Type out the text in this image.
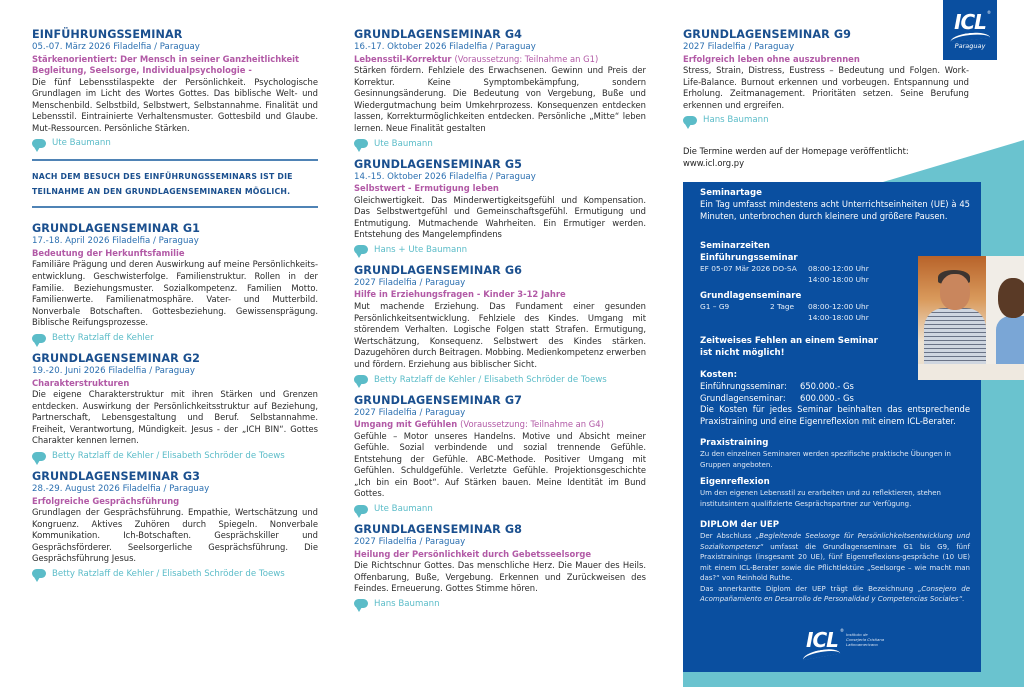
EINFÜHRUNGSSEMINAR
05.-07. März 2026 Filadelfia / Paraguay
Stärkenorientiert: Der Mensch in seiner Ganzheitlichkeit
Begleitung, Seelsorge, Individualpsychologie -
Die fünf Lebensstilaspekte der Persönlichkeit. Psychologische Grundlagen im Licht des Wortes Gottes. Das biblische Welt- und Menschenbild. Selbstbild, Selbstwert, Selbstannahme. Finalität und Lebensstil. Eintrainierte Verhaltensmuster. Gottesbild und Glaube. Mut-Ressourcen. Persönliche Stärken.
Ute Baumann
NACH DEM BESUCH DES EINFÜHRUNGSSEMINARS IST DIE TEILNAHME AN DEN GRUNDLAGENSEMINAREN MÖGLICH.
GRUNDLAGENSEMINAR G1
17.-18. April 2026 Filadelfia / Paraguay
Bedeutung der Herkunftsfamilie
Familiäre Prägung und deren Auswirkung auf meine Persönlichkeits-entwicklung. Geschwisterfolge. Familienstruktur. Rollen in der Familie. Beziehungsmuster. Sozialkompetenz. Familien Motto. Familienwerte. Familienatmosphäre. Vater- und Mutterbild. Nonverbale Botschaften. Gottesbeziehung. Gewissensprägung. Biblische Reifungsprozesse.
Betty Ratzlaff de Kehler
GRUNDLAGENSEMINAR G2
19.-20. Juni 2026 Filadelfia / Paraguay
Charakterstrukturen
Die eigene Charakterstruktur mit ihren Stärken und Grenzen entdecken. Auswirkung der Persönlichkeitsstruktur auf Beziehung, Partnerschaft, Lebensgestaltung und Beruf. Selbstannahme. Freiheit, Verantwortung, Mündigkeit. Jesus - der „ICH BIN“. Gottes Charakter kennen lernen.
Betty Ratzlaff de Kehler / Elisabeth Schröder de Toews
GRUNDLAGENSEMINAR G3
28.-29. August 2026 Filadelfia / Paraguay
Erfolgreiche Gesprächsführung
Grundlagen der Gesprächsführung. Empathie, Wertschätzung und Kongruenz. Aktives Zuhören durch Spiegeln. Nonverbale Kommunikation. Ich-Botschaften. Gesprächskiller und Gesprächsförderer. Seelsorgerliche Gesprächsführung. Die Gesprächsführung Jesus.
Betty Ratzlaff de Kehler / Elisabeth Schröder de Toews
GRUNDLAGENSEMINAR G4
16.-17. Oktober 2026 Filadelfia / Paraguay
Lebensstil-Korrektur (Voraussetzung: Teilnahme an G1)
Stärken fördern. Fehlziele des Erwachsenen. Gewinn und Preis der Korrektur. Keine Symptombekämpfung, sondern Gesinnungsänderung. Die Bedeutung von Vergebung, Buße und Wiedergutmachung beim Umkehrprozess. Konsequenzen entdecken lassen, Korrekturmöglichkeiten entdecken. Persönliche „Mitte“ leben lernen. Neue Finalität gestalten
Ute Baumann
GRUNDLAGENSEMINAR G5
14.-15. Oktober 2026 Filadelfia / Paraguay
Selbstwert - Ermutigung leben
Gleichwertigkeit. Das Minderwertigkeitsgefühl und Kompensation. Das Selbstwertgefühl und Gemeinschaftsgefühl. Ermutigung und Entmutigung. Mutmachende Wahrheiten. Ein Ermutiger werden. Entstehung des Mangelempfindens
Hans + Ute Baumann
GRUNDLAGENSEMINAR G6
2027 Filadelfia / Paraguay
Hilfe in Erziehungsfragen - Kinder 3-12 Jahre
Mut machende Erziehung. Das Fundament einer gesunden Persönlichkeitsentwicklung. Fehlziele des Kindes. Umgang mit störendem Verhalten. Logische Folgen statt Strafen. Ermutigung, Wertschätzung, Konsequenz. Selbstwert des Kindes stärken. Dazugehören durch Beitragen. Mobbing. Medienkompetenz erwerben und fördern. Erziehung aus biblischer Sicht.
Betty Ratzlaff de Kehler / Elisabeth Schröder de Toews
GRUNDLAGENSEMINAR G7
2027 Filadelfia / Paraguay
Umgang mit Gefühlen (Voraussetzung: Teilnahme an G4)
Gefühle – Motor unseres Handelns. Motive und Absicht meiner Gefühle. Sozial verbindende und sozial trennende Gefühle. Entstehung der Gefühle. ABC-Methode. Positiver Umgang mit Gefühlen. Schuldgefühle. Verletzte Gefühle. Projektionsgeschichte „Ich bin ein Boot“. Auf Stärken bauen. Meine Identität im Bund Gottes.
Ute Baumann
GRUNDLAGENSEMINAR G8
2027 Filadelfia / Paraguay
Heilung der Persönlichkeit durch Gebetsseelsorge
Die Richtschnur Gottes. Das menschliche Herz. Die Mauer des Heils. Offenbarung, Buße, Vergebung. Erkennen und Zurückweisen des Feindes. Erneuerung. Gottes Stimme hören.
Hans Baumann
ICL ®
Paraguay
GRUNDLAGENSEMINAR G9
2027 Filadelfia / Paraguay
Erfolgreich leben ohne auszubrennen
Stress, Strain, Distress, Eustress – Bedeutung und Folgen. Work-Life-Balance. Burnout erkennen und vorbeugen. Entspannung und Erholung. Zeitmanagement. Prioritäten setzen. Seine Berufung erkennen und ergreifen.
Hans Baumann
Die Termine werden auf der Homepage veröffentlicht:
www.icl.org.py
Seminartage
Ein Tag umfasst mindestens acht Unterrichtseinheiten (UE) à 45 Minuten, unterbrochen durch kleinere und größere Pausen.
Seminarzeiten
Einführungsseminar
EF 05-07 Mär 2026 DO-SA	08:00-12:00 Uhr
14:00-18:00 Uhr
Grundlagenseminare
G1 – G9	2 Tage	08:00-12:00 Uhr
14:00-18:00 Uhr
Zeitweises Fehlen an einem Seminar ist nicht möglich!
Kosten:
Einführungsseminar:	650.000.- Gs
Grundlagenseminar:	600.000.- Gs
Die Kosten für jedes Seminar beinhalten das entsprechende Praxistraining und eine Eigenreflexion mit einem ICL-Berater.
Praxistraining
Zu den einzelnen Seminaren werden spezifische praktische Übungen in Gruppen angeboten.
Eigenreflexion
Um den eigenen Lebensstil zu erarbeiten und zu reflektieren, stehen institutsintern qualifizierte Gesprächspartner zur Verfügung.
DIPLOM der UEP
Der Abschluss „Begleitende Seelsorge für Persönlichkeitsentwicklung und Sozialkompetenz“ umfasst die Grundlagenseminare G1 bis G9, fünf Praxistrainings (insgesamt 20 UE), fünf Eigenreflexions-gespräche (10 UE) mit einem ICL-Berater sowie die Pflichtlektüre „Seelsorge – wie macht man das?“ von Reinhold Ruthe.
Das annerkantte Diplom der UEP trägt die Bezeichnung „Consejero de Acompañamiento en Desarrollo de Personalidad y Competencias Sociales“.
ICL ®
Instituto de
Consejería Cristiana
Latinoamericano
